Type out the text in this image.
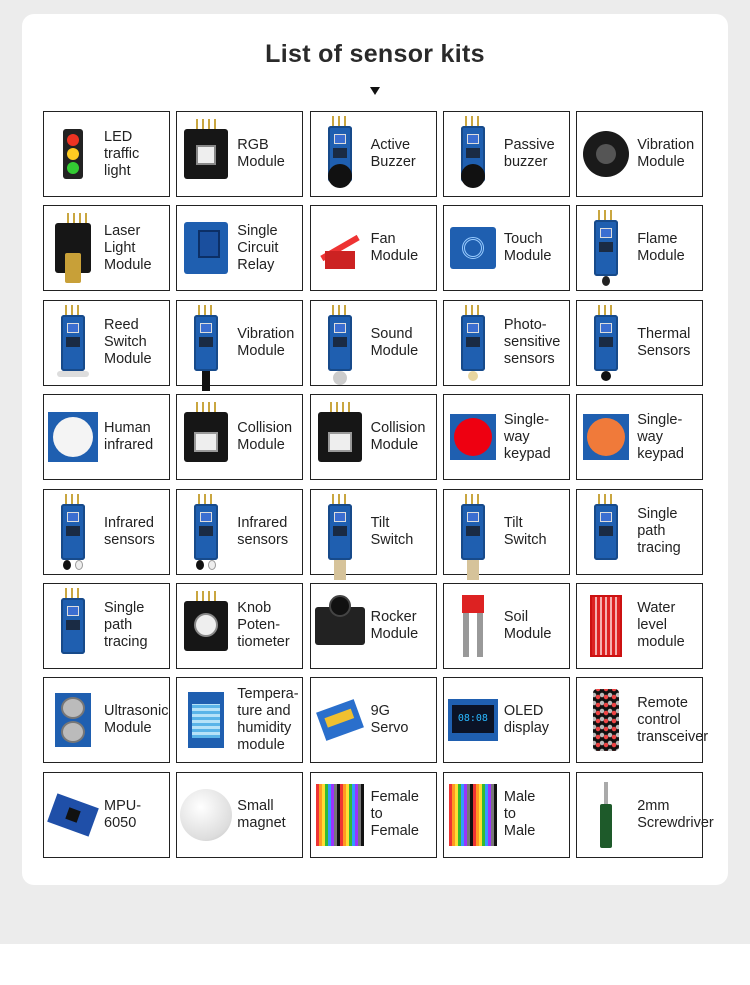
List of sensor kits
LED
traffic
light
RGB
Module
Active
Buzzer
Passive
buzzer
Vibration
Module
Laser
Light
Module
Single
Circuit
Relay
Fan
Module
Touch
Module
Flame
Module
Reed
Switch
Module
Vibration
Module
Sound
Module
Photo-
sensitive
sensors
Thermal
Sensors
Human
infrared
Collision
Module
Collision
Module
Single-
way
keypad
Single-
way
keypad
Infrared
sensors
Infrared
sensors
Tilt
Switch
Tilt
Switch
Single
path
tracing
Single
path
tracing
Knob
Poten-
tiometer
Rocker
Module
Soil
Module
Water
level
module
Ultrasonic
Module
Tempera-
ture and
humidity
module
9G
Servo
08:08	OLED
display
Remote
control
transceiver
MPU-
6050
Small
magnet
Female
to
Female
Male
to
Male
2mm
Screwdriver
